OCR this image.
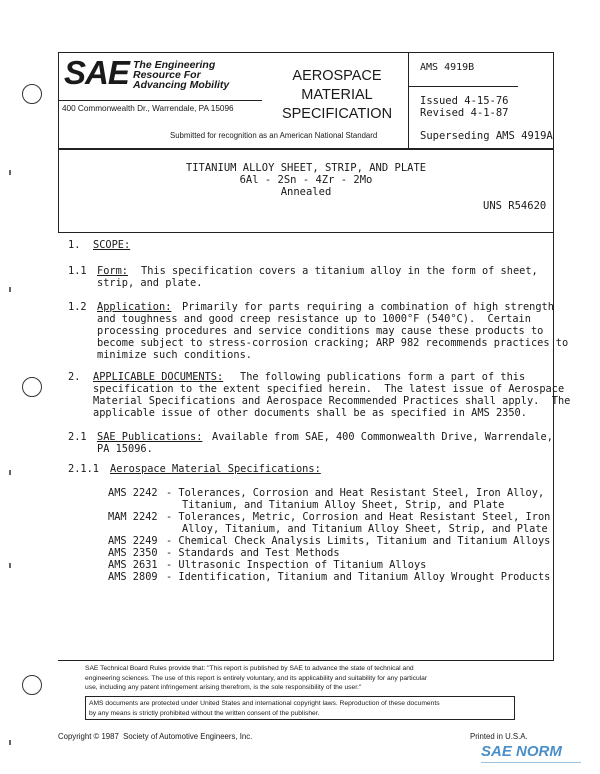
SAE The Engineering
Resource For
Advancing Mobility
400 Commonwealth Dr., Warrendale, PA 15096
AEROSPACE
MATERIAL
SPECIFICATION
Submitted for recognition as an American National Standard
AMS 4919B
Issued 4-15-76
Revised 4-1-87
Superseding AMS 4919A
TITANIUM ALLOY SHEET, STRIP, AND PLATE
6Al - 2Sn - 4Zr - 2Mo
Annealed
UNS R54620
1. SCOPE:
1.1 Form: This specification covers a titanium alloy in the form of sheet,
strip, and plate.
1.2 Application: Primarily for parts requiring a combination of high strength
and toughness and good creep resistance up to 1000°F (540°C).  Certain
processing procedures and service conditions may cause these products to
become subject to stress-corrosion cracking; ARP 982 recommends practices to
minimize such conditions.
2. APPLICABLE DOCUMENTS: The following publications form a part of this
specification to the extent specified herein.  The latest issue of Aerospace
Material Specifications and Aerospace Recommended Practices shall apply.  The
applicable issue of other documents shall be as specified in AMS 2350.
2.1 SAE Publications: Available from SAE, 400 Commonwealth Drive, Warrendale,
PA 15096.
2.1.1 Aerospace Material Specifications:
AMS 2242 - Tolerances, Corrosion and Heat Resistant Steel, Iron Alloy,
Titanium, and Titanium Alloy Sheet, Strip, and Plate
MAM 2242 - Tolerances, Metric, Corrosion and Heat Resistant Steel, Iron
Alloy, Titanium, and Titanium Alloy Sheet, Strip, and Plate
AMS 2249 - Chemical Check Analysis Limits, Titanium and Titanium Alloys
AMS 2350 - Standards and Test Methods
AMS 2631 - Ultrasonic Inspection of Titanium Alloys
AMS 2809 - Identification, Titanium and Titanium Alloy Wrought Products
SAE Technical Board Rules provide that: "This report is published by SAE to advance the state of technical and
engineering sciences. The use of this report is entirely voluntary, and its applicability and suitability for any particular
use, including any patent infringement arising therefrom, is the sole responsibility of the user."
AMS documents are protected under United States and international copyright laws. Reproduction of these documents
by any means is strictly prohibited without the written consent of the publisher.
Copyright © 1987  Society of Automotive Engineers, Inc.	Printed in U.S.A.
SAE NORM
